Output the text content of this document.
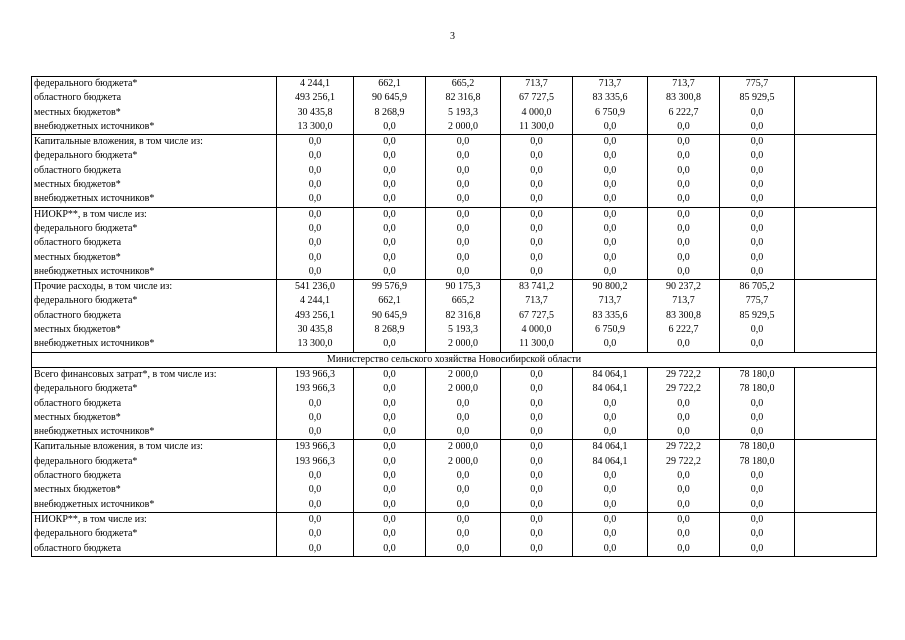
3
федерального бюджета*	4 244,1	662,1	665,2	713,7	713,7	713,7	775,7	
областного бюджета	493 256,1	90 645,9	82 316,8	67 727,5	83 335,6	83 300,8	85 929,5	
местных бюджетов*	30 435,8	8 268,9	5 193,3	4 000,0	6 750,9	6 222,7	0,0	
внебюджетных источников*	13 300,0	0,0	2 000,0	11 300,0	0,0	0,0	0,0	
Капитальные вложения, в том числе из:	0,0	0,0	0,0	0,0	0,0	0,0	0,0	
федерального бюджета*	0,0	0,0	0,0	0,0	0,0	0,0	0,0	
областного бюджета	0,0	0,0	0,0	0,0	0,0	0,0	0,0	
местных бюджетов*	0,0	0,0	0,0	0,0	0,0	0,0	0,0	
внебюджетных источников*	0,0	0,0	0,0	0,0	0,0	0,0	0,0	
НИОКР**, в том числе из:	0,0	0,0	0,0	0,0	0,0	0,0	0,0	
федерального бюджета*	0,0	0,0	0,0	0,0	0,0	0,0	0,0	
областного бюджета	0,0	0,0	0,0	0,0	0,0	0,0	0,0	
местных бюджетов*	0,0	0,0	0,0	0,0	0,0	0,0	0,0	
внебюджетных источников*	0,0	0,0	0,0	0,0	0,0	0,0	0,0	
Прочие расходы, в том числе из:	541 236,0	99 576,9	90 175,3	83 741,2	90 800,2	90 237,2	86 705,2	
федерального бюджета*	4 244,1	662,1	665,2	713,7	713,7	713,7	775,7	
областного бюджета	493 256,1	90 645,9	82 316,8	67 727,5	83 335,6	83 300,8	85 929,5	
местных бюджетов*	30 435,8	8 268,9	5 193,3	4 000,0	6 750,9	6 222,7	0,0	
внебюджетных источников*	13 300,0	0,0	2 000,0	11 300,0	0,0	0,0	0,0	
Министерство сельского хозяйства Новосибирской области								
Всего финансовых затрат*, в том числе из:	193 966,3	0,0	2 000,0	0,0	84 064,1	29 722,2	78 180,0	
федерального бюджета*	193 966,3	0,0	2 000,0	0,0	84 064,1	29 722,2	78 180,0	
областного бюджета	0,0	0,0	0,0	0,0	0,0	0,0	0,0	
местных бюджетов*	0,0	0,0	0,0	0,0	0,0	0,0	0,0	
внебюджетных источников*	0,0	0,0	0,0	0,0	0,0	0,0	0,0	
Капитальные вложения, в том числе из:	193 966,3	0,0	2 000,0	0,0	84 064,1	29 722,2	78 180,0	
федерального бюджета*	193 966,3	0,0	2 000,0	0,0	84 064,1	29 722,2	78 180,0	
областного бюджета	0,0	0,0	0,0	0,0	0,0	0,0	0,0	
местных бюджетов*	0,0	0,0	0,0	0,0	0,0	0,0	0,0	
внебюджетных источников*	0,0	0,0	0,0	0,0	0,0	0,0	0,0	
НИОКР**, в том числе из:	0,0	0,0	0,0	0,0	0,0	0,0	0,0	
федерального бюджета*	0,0	0,0	0,0	0,0	0,0	0,0	0,0	
областного бюджета	0,0	0,0	0,0	0,0	0,0	0,0	0,0	
